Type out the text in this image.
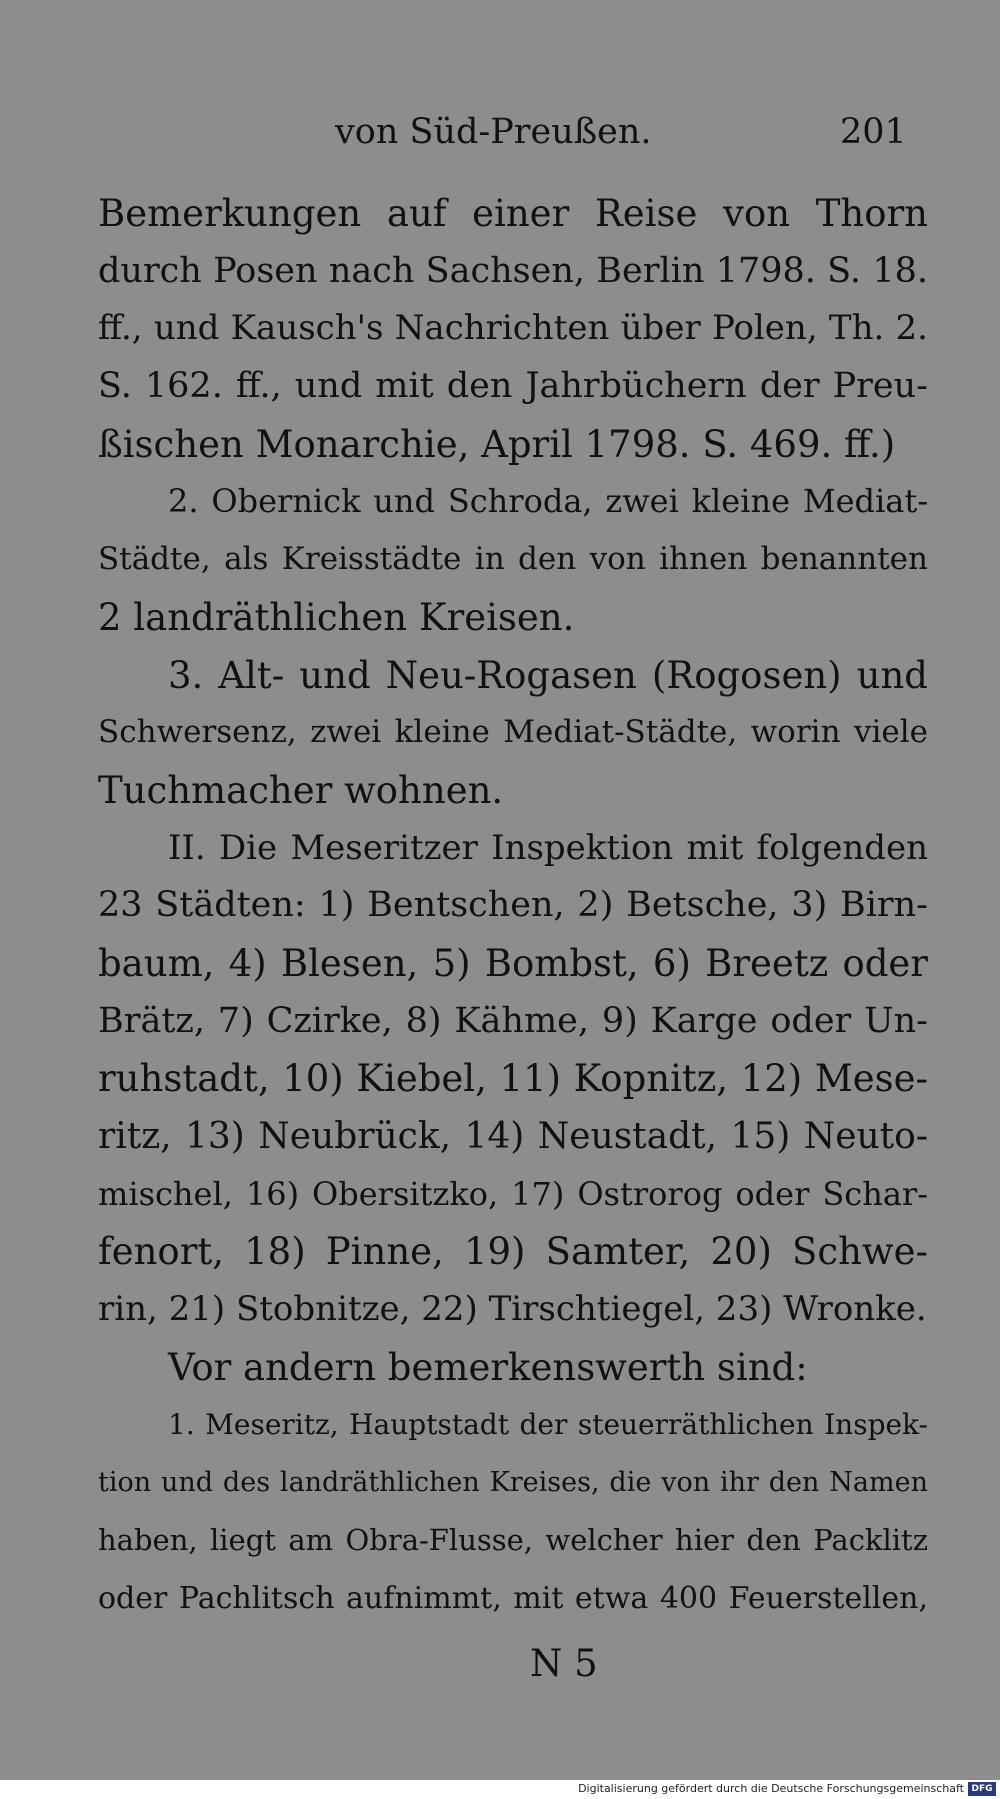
von Süd-Preußen.	201
Bemerkungen auf einer Reise von Thorn
durch Posen nach Sachsen, Berlin 1798. S. 18.
ff., und Kausch's Nachrichten über Polen, Th. 2.
S. 162. ff., und mit den Jahrbüchern der Preu-
ßischen Monarchie, April 1798. S. 469. ff.)
2. Obernick und Schroda, zwei kleine Mediat-
Städte, als Kreisstädte in den von ihnen benannten
2 landräthlichen Kreisen.
3. Alt- und Neu-Rogasen (Rogosen) und
Schwersenz, zwei kleine Mediat-Städte, worin viele
Tuchmacher wohnen.
II. Die Meseritzer Inspektion mit folgenden
23 Städten: 1) Bentschen, 2) Betsche, 3) Birn-
baum, 4) Blesen, 5) Bombst, 6) Breetz oder
Brätz, 7) Czirke, 8) Kähme, 9) Karge oder Un-
ruhstadt, 10) Kiebel, 11) Kopnitz, 12) Mese-
ritz, 13) Neubrück, 14) Neustadt, 15) Neuto-
mischel, 16) Obersitzko, 17) Ostrorog oder Schar-
fenort, 18) Pinne, 19) Samter, 20) Schwe-
rin, 21) Stobnitze, 22) Tirschtiegel, 23) Wronke.
Vor andern bemerkenswerth sind:
1. Meseritz, Hauptstadt der steuerräthlichen Inspek-
tion und des landräthlichen Kreises, die von ihr den Namen
haben, liegt am Obra-Flusse, welcher hier den Packlitz
oder Pachlitsch aufnimmt, mit etwa 400 Feuerstellen,
N 5
Digitalisierung gefördert durch die Deutsche Forschungsgemeinschaft DFG
